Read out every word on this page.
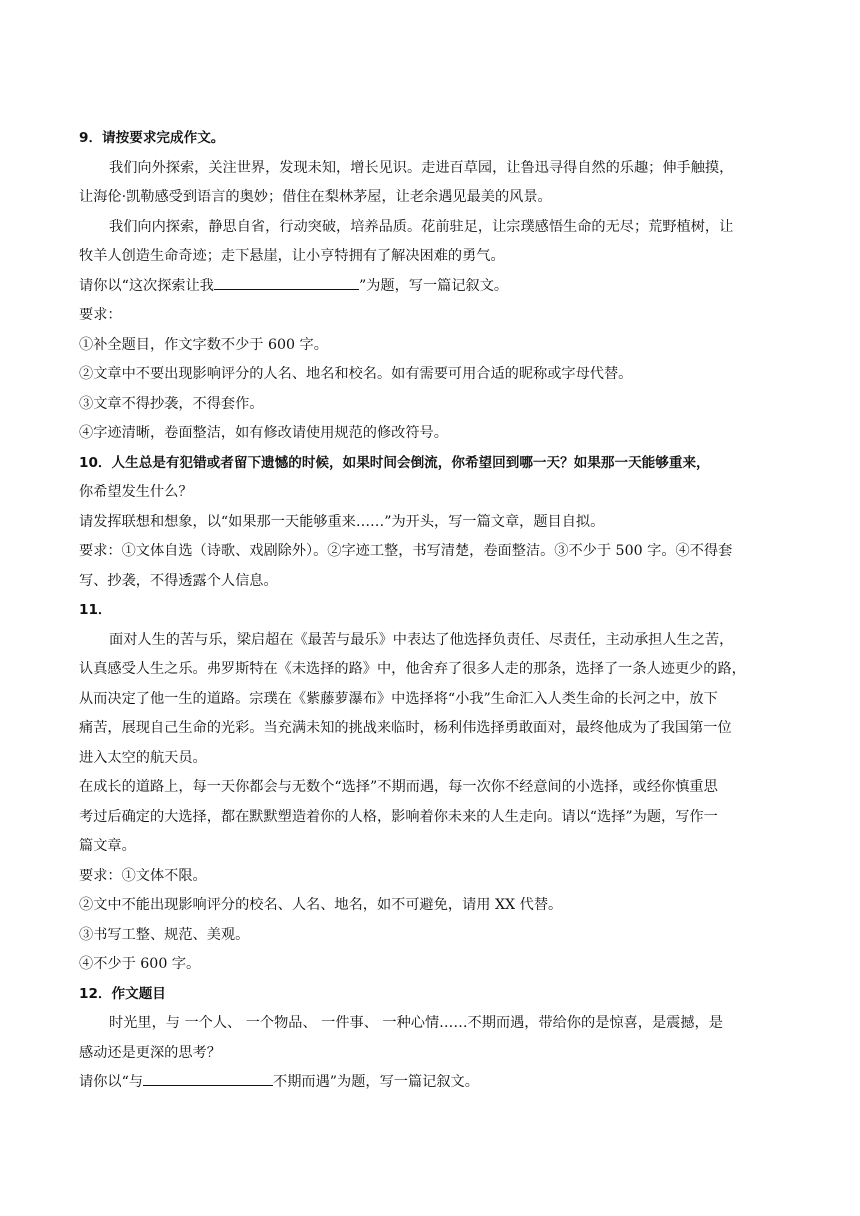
9．请按要求完成作文。
我们向外探索，关注世界，发现未知，增长见识。走进百草园，让鲁迅寻得自然的乐趣；伸手触摸，
让海伦·凯勒感受到语言的奥妙；借住在梨林茅屋，让老余遇见最美的风景。
我们向内探索，静思自省，行动突破，培养品质。花前驻足，让宗璞感悟生命的无尽；荒野植树，让
牧羊人创造生命奇迹；走下悬崖，让小亨特拥有了解决困难的勇气。
请你以“这次探索让我	”为题，写一篇记叙文。
要求：
①补全题目，作文字数不少于 600 字。
②文章中不要出现影响评分的人名、地名和校名。如有需要可用合适的昵称或字母代替。
③文章不得抄袭，不得套作。
④字迹清晰，卷面整洁，如有修改请使用规范的修改符号。
10．人生总是有犯错或者留下遗憾的时候，如果时间会倒流，你希望回到哪一天？如果那一天能够重来，
你希望发生什么？
请发挥联想和想象，以“如果那一天能够重来……”为开头，写一篇文章，题目自拟。
要求：①文体自选（诗歌、戏剧除外）。②字迹工整，书写清楚，卷面整洁。③不少于 500 字。④不得套
写、抄袭，不得透露个人信息。
11．
面对人生的苦与乐，梁启超在《最苦与最乐》中表达了他选择负责任、尽责任，主动承担人生之苦，
认真感受人生之乐。弗罗斯特在《未选择的路》中，他舍弃了很多人走的那条，选择了一条人迹更少的路，
从而决定了他一生的道路。宗璞在《紫藤萝瀑布》中选择将“小我”生命汇入人类生命的长河之中，放下
痛苦，展现自己生命的光彩。当充满未知的挑战来临时，杨利伟选择勇敢面对，最终他成为了我国第一位
进入太空的航天员。
在成长的道路上，每一天你都会与无数个“选择”不期而遇，每一次你不经意间的小选择，或经你慎重思
考过后确定的大选择，都在默默塑造着你的人格，影响着你未来的人生走向。请以“选择”为题，写作一
篇文章。
要求：①文体不限。
②文中不能出现影响评分的校名、人名、地名，如不可避免，请用 XX 代替。
③书写工整、规范、美观。
④不少于 600 字。
12．作文题目
时光里，与 一个人、 一个物品、 一件事、 一种心情……不期而遇，带给你的是惊喜，是震撼，是
感动还是更深的思考？
请你以“与	不期而遇”为题，写一篇记叙文。
